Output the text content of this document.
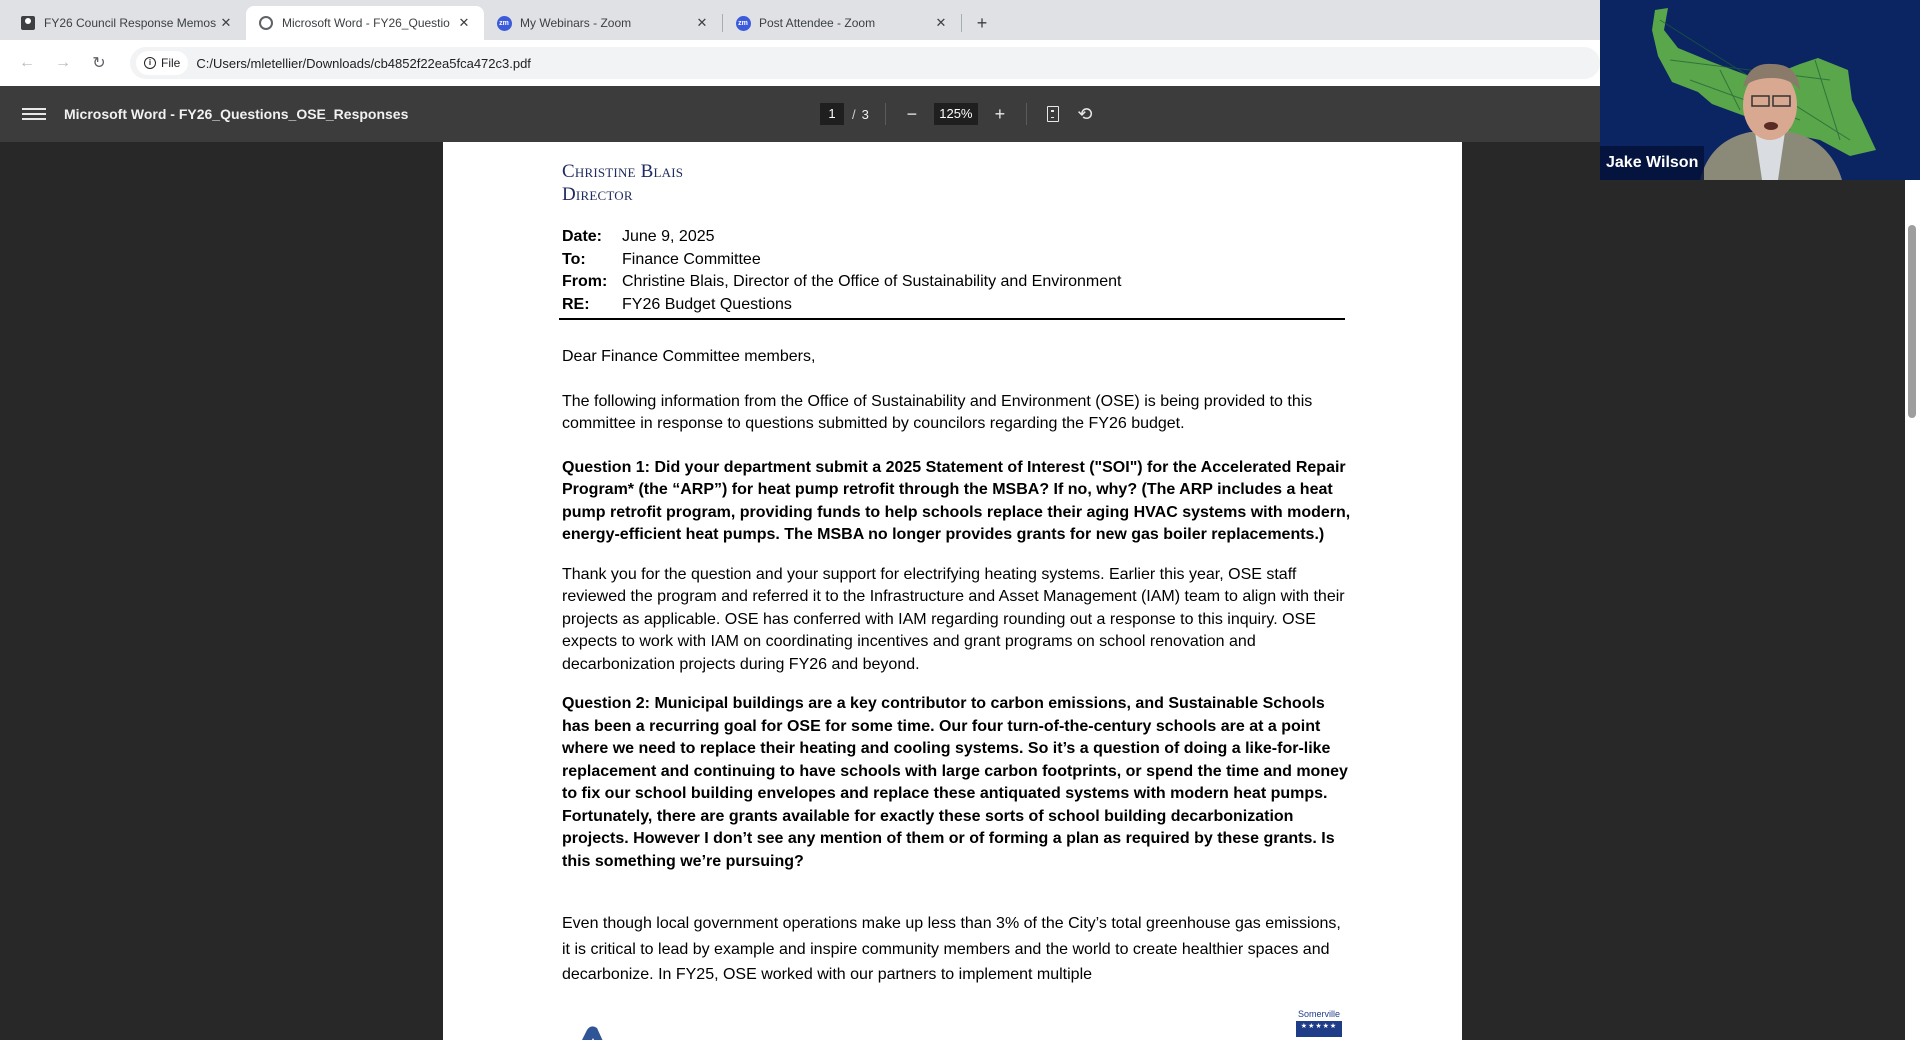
FY26 Council Response Memos ✕	Microsoft Word - FY26_Questio ✕	zm My Webinars - Zoom	✕	zm Post Attendee - Zoom	✕	+
←	→	↻	i File C:/Users/mletellier/Downloads/cb4852f22ea5fca472c3.pdf
Microsoft Word - FY26_Questions_OSE_Responses	1	/ 3 −	125% +	⟲
Christine Blais
Director
Date:	June 9, 2025
To:	Finance Committee
From: Christine Blais, Director of the Office of Sustainability and Environment
RE:	FY26 Budget Questions

Dear Finance Committee members,

The following information from the Office of Sustainability and Environment (OSE) is being provided to this committee in response to questions submitted by councilors regarding the FY26 budget.

Question 1: Did your department submit a 2025 Statement of Interest ("SOI") for the Accelerated Repair Program* (the “ARP”) for heat pump retrofit through the MSBA? If no, why? (The ARP includes a heat pump retrofit program, providing funds to help schools replace their aging HVAC systems with modern, energy-efficient heat pumps. The MSBA no longer provides grants for new gas boiler replacements.)

Thank you for the question and your support for electrifying heating systems. Earlier this year, OSE staff reviewed the program and referred it to the Infrastructure and Asset Management (IAM) team to align with their projects as applicable. OSE has conferred with IAM regarding rounding out a response to this inquiry. OSE expects to work with IAM on coordinating incentives and grant programs on school renovation and decarbonization projects during FY26 and beyond.

Question 2: Municipal buildings are a key contributor to carbon emissions, and Sustainable Schools has been a recurring goal for OSE for some time. Our four turn-of-the-century schools are at a point where we need to replace their heating and cooling systems. So it’s a question of doing a like-for-like replacement and continuing to have schools with large carbon footprints, or spend the time and money to fix our school building envelopes and replace these antiquated systems with modern heat pumps. Fortunately, there are grants available for exactly these sorts of school building decarbonization projects. However I don’t see any mention of them or of forming a plan as required by these grants. Is this something we’re pursuing?

Even though local government operations make up less than 3% of the City’s total greenhouse gas emissions, it is critical to lead by example and inspire community members and the world to create healthier spaces and decarbonize. In FY25, OSE worked with our partners to implement multiple

Somerville
★★★★★
Jake Wilson
